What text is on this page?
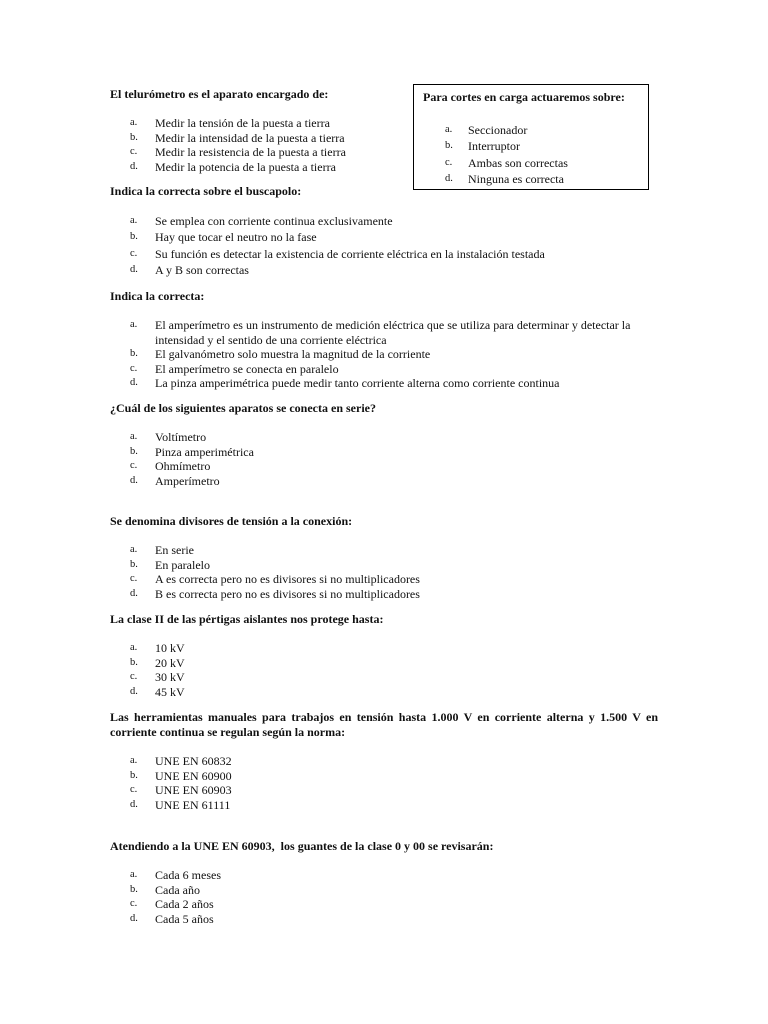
El telurómetro es el aparato encargado de:

a. Medir la tensión de la puesta a tierra
b. Medir la intensidad de la puesta a tierra
c. Medir la resistencia de la puesta a tierra
d. Medir la potencia de la puesta a tierra

Para cortes en carga actuaremos sobre:

a. Seccionador
b. Interruptor
c. Ambas son correctas
d. Ninguna es correcta

Indica la correcta sobre el buscapolo:

a. Se emplea con corriente continua exclusivamente
b. Hay que tocar el neutro no la fase
c. Su función es detectar la existencia de corriente eléctrica en la instalación testada
d. A y B son correctas

Indica la correcta:

a. El amperímetro es un instrumento de medición eléctrica que se utiliza para determinar y detectar la intensidad y el sentido de una corriente eléctrica
b. El galvanómetro solo muestra la magnitud de la corriente
c. El amperímetro se conecta en paralelo
d. La pinza amperimétrica puede medir tanto corriente alterna como corriente continua

¿Cuál de los siguientes aparatos se conecta en serie?

a. Voltímetro
b. Pinza amperimétrica
c. Ohmímetro
d. Amperímetro

Se denomina divisores de tensión a la conexión:

a. En serie
b. En paralelo
c. A es correcta pero no es divisores si no multiplicadores
d. B es correcta pero no es divisores si no multiplicadores

La clase II de las pértigas aislantes nos protege hasta:

a. 10 kV
b. 20 kV
c. 30 kV
d. 45 kV

Las herramientas manuales para trabajos en tensión hasta 1.000 V en corriente alterna y 1.500 V en corriente continua se regulan según la norma:

a. UNE EN 60832
b. UNE EN 60900
c. UNE EN 60903
d. UNE EN 61111

Atendiendo a la UNE EN 60903,  los guantes de la clase 0 y 00 se revisarán:

a. Cada 6 meses
b. Cada año
c. Cada 2 años
d. Cada 5 años
